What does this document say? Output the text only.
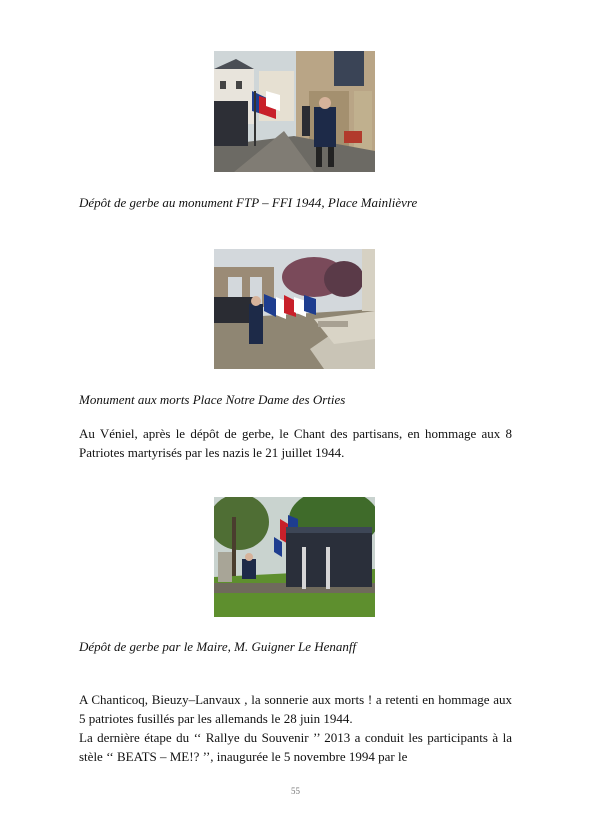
Dépôt de gerbe au monument FTP – FFI 1944, Place Mainlièvre
Monument aux morts Place Notre Dame des Orties
Au Véniel, après le dépôt de gerbe, le Chant des partisans, en hommage aux 8 Patriotes martyrisés par les nazis le 21 juillet 1944.
Dépôt de gerbe par le Maire, M. Guigner Le Henanff
A Chanticoq, Bieuzy–Lanvaux , la sonnerie aux morts ! a retenti en hommage aux 5 patriotes fusillés par les allemands le 28 juin 1944.
La dernière étape du ‘‘ Rallye du Souvenir ’’ 2013 a conduit les participants à la stèle ‘‘ BEATS – ME!? ’’, inaugurée le 5 novembre 1994 par le
55
